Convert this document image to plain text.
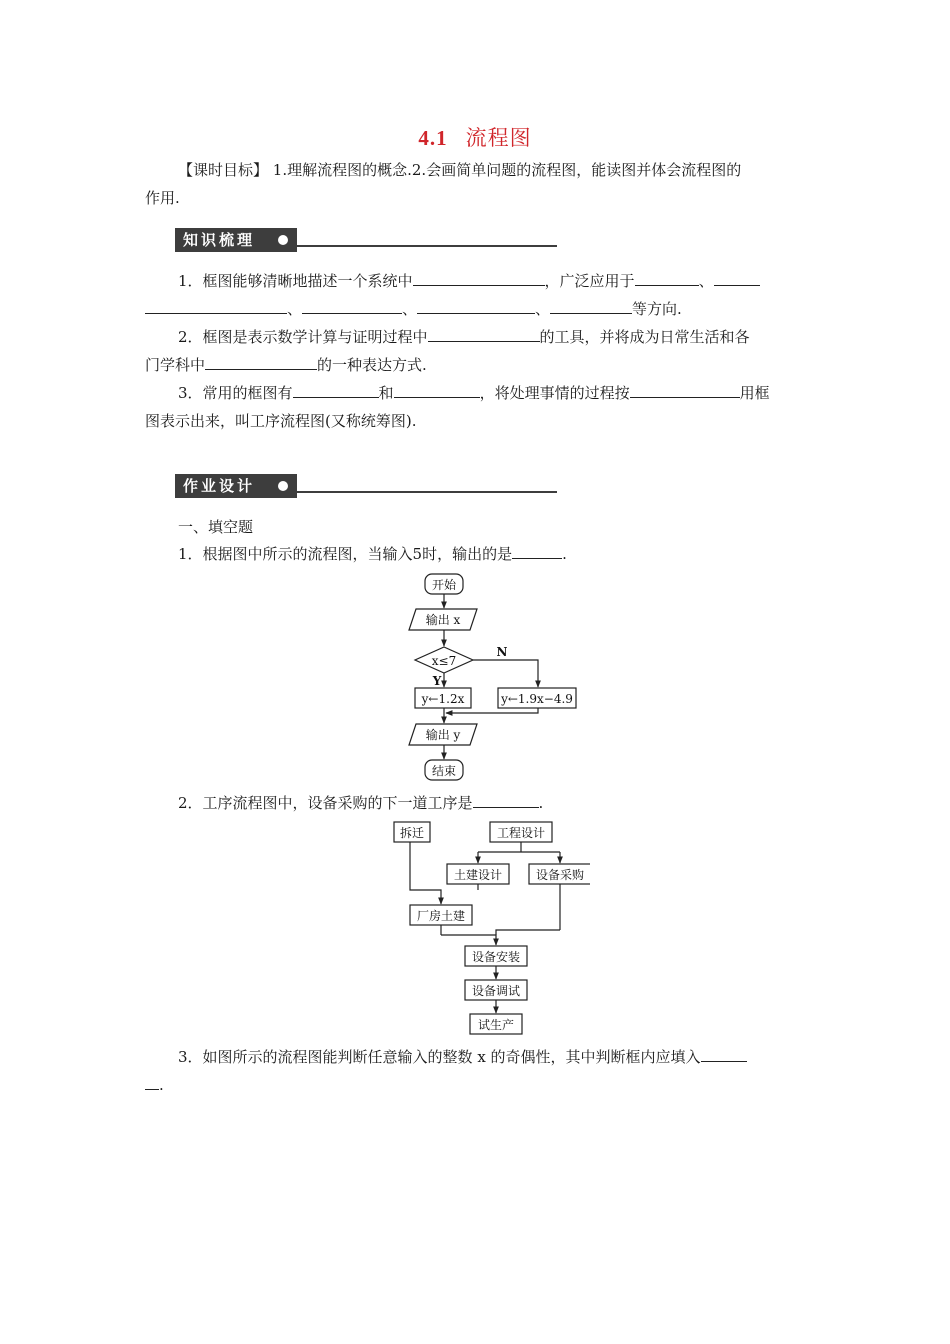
4.1 流程图
【课时目标】 1.理解流程图的概念.2.会画简单问题的流程图，能读图并体会流程图的
作用.
知识梳理
1．框图能够清晰地描述一个系统中	，广泛应用于	、
、	、	、	等方向.
2．框图是表示数学计算与证明过程中	的工具，并将成为日常生活和各
门学科中	的一种表达方式.
3．常用的框图有	和	，将处理事情的过程按	用框
图表示出来，叫工序流程图(又称统筹图).
作业设计
一、填空题
1．根据图中所示的流程图，当输入5时，输出的是	.
开始
输出 x
x≤7
N
Y
y←1.2x	y←1.9x−4.9
输出 y
结束
2．工序流程图中，设备采购的下一道工序是	.
拆迁	工程设计
土建设计	设备采购
厂房土建
设备安装
设备调试
试生产
3．如图所示的流程图能判断任意输入的整数 x 的奇偶性，其中判断框内应填入
.
